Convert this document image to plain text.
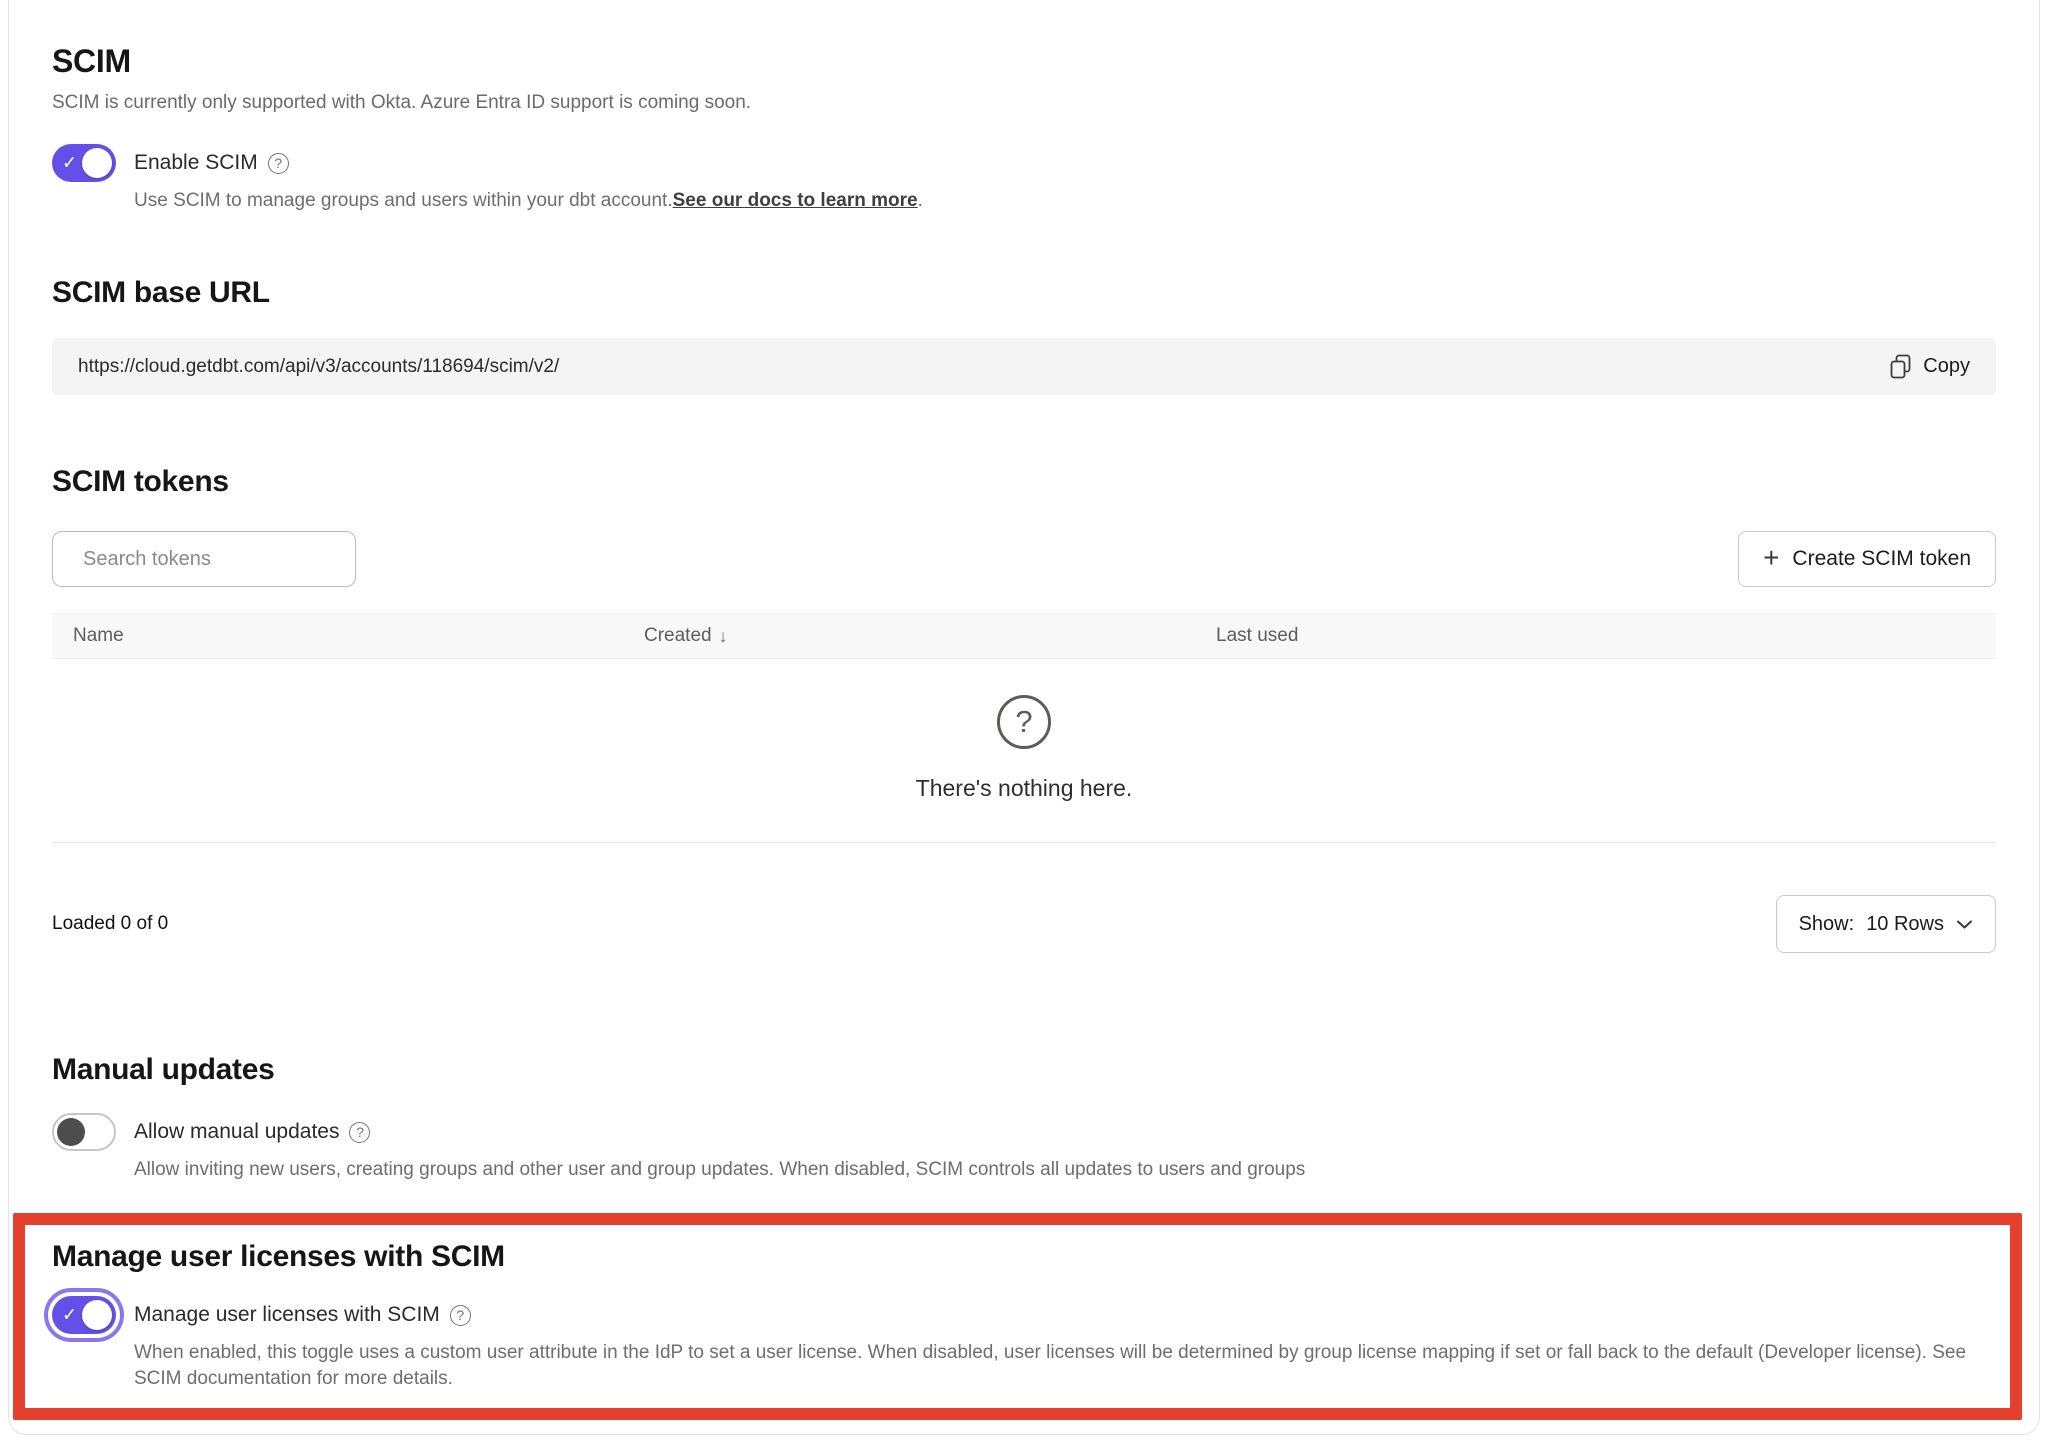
SCIM
SCIM is currently only supported with Okta. Azure Entra ID support is coming soon.
✓	Enable SCIM	?
Use SCIM to manage groups and users within your dbt account.See our docs to learn more.
SCIM base URL
https://cloud.getdbt.com/api/v3/accounts/118694/scim/v2/	Copy
SCIM tokens
Search tokens
+ Create SCIM token
Name	Created ↓	Last used
?
There's nothing here.
Loaded 0 of 0	Show: 10 Rows
Manual updates
Allow manual updates	?
Allow inviting new users, creating groups and other user and group updates. When disabled, SCIM controls all updates to users and groups
Manage user licenses with SCIM
✓	Manage user licenses with SCIM	?
When enabled, this toggle uses a custom user attribute in the IdP to set a user license. When disabled, user licenses will be determined by group license mapping if set or fall back to the default (Developer license). See SCIM documentation for more details.
